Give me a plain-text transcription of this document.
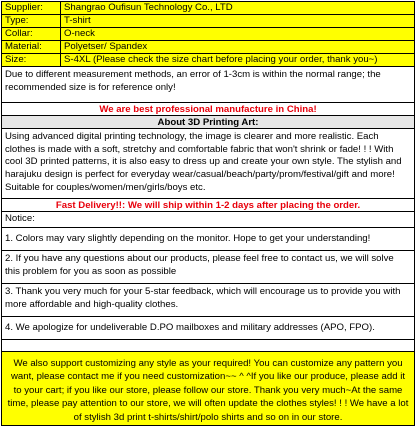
Supplier:	Shangrao Oufisun Technology Co., LTD
Type:	T-shirt
Collar:	O-neck
Material:	Polyetser/ Spandex
Size:	S-4XL (Please check the size chart before placing your order, thank you~)
Due to different measurement methods, an error of 1-3cm is within the normal range; the recommended size is for reference only!
We are best professional manufacture in China!
About 3D Printing Art:
Using advanced digital printing technology, the image is clearer and more realistic. Each clothes is made with a soft, stretchy and comfortable fabric that won't shrink or fade! ! ! With cool 3D printed patterns, it is also easy to dress up and create your own style. The stylish and harajuku design is perfect for everyday wear/casual/beach/party/prom/festival/gift and more! Suitable for couples/women/men/girls/boys etc.
Fast Delivery!!: We will ship within 1-2 days after placing the order.
Notice:
1. Colors may vary slightly depending on the monitor. Hope to get your understanding!
2. If you have any questions about our products, please feel free to contact us, we will solve this problem for you as soon as possible
3. Thank you very much for your 5-star feedback, which will encourage us to provide you with more affordable and high-quality clothes.
4. We apologize for undeliverable D.PO mailboxes and military addresses (APO, FPO).
We also support customizing any style as your required! You can customize any pattern you want, please contact me if you need customization~~ ^ ^If you like our produce, please add it to your cart; if you like our store, please follow our store. Thank you very much~At the same time, please pay attention to our store, we will often update the clothes styles! ! ! We have a lot of stylish 3d print t-shirts/shirt/polo shirts and so on in our store.
